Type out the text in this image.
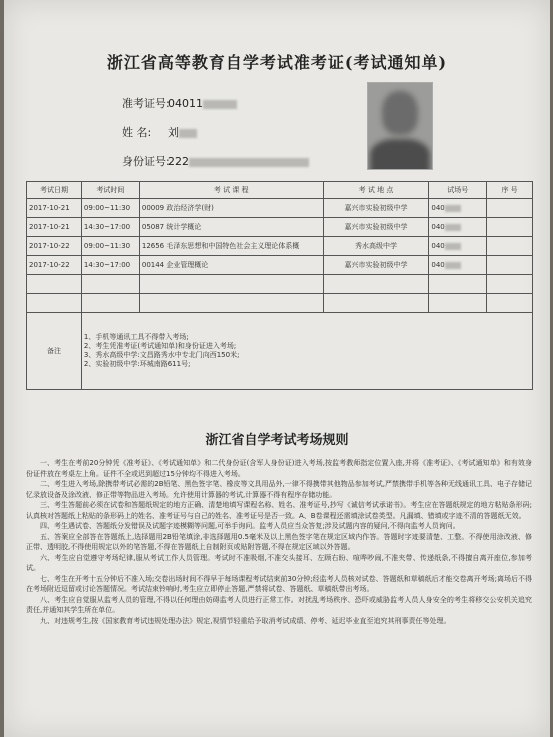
浙江省高等教育自学考试准考证(考试通知单)
准考证号:04011
姓 名: 刘
身份证号:222
考试日期	考试时间	考 试 课 程	考 试 地 点	试场号	序 号
2017-10-21	09:00~11:30	00009 政治经济学(财)	嘉兴市实验初级中学	040	
2017-10-21	14:30~17:00	05087 统计学概论	嘉兴市实验初级中学	040	
2017-10-22	09:00~11:30	12656 毛泽东思想和中国特色社会主义理论体系概	秀水高级中学	040	
2017-10-22	14:30~17:00	00144 企业管理概论	嘉兴市实验初级中学	040	

备注	1、手机等通讯工具不得带入考场;
2、考生凭准考证(考试通知单)和身份证进入考场;
3、秀水高级中学:文昌路秀水中专北门向西150米;
2、实验初级中学:环城南路611号;				
浙江省自学考试考场规则

一、考生在考前20分钟凭《准考证》、《考试通知单》和二代身份证(含军人身份证)进入考场,按监考教师指定位置入座,并将《准考证》、《考试通知单》和有效身份证件放在考桌左上角。证件不全或迟到超过15分钟均不得进入考场。

二、考生进入考场,除携带考试必需的2B铅笔、黑色签字笔、橡皮等文具用品外,一律不得携带其他物品参加考试,严禁携带手机等各种无线通讯工具、电子存储记忆录放设备及涂改液、修正带等物品进入考场。允许使用计算器的考试,计算器不得有程序存储功能。

三、考生答题前必须在试卷和答题纸规定的地方正确、清楚地填写课程名称、姓名、准考证号,抄写《诚信考试承诺书》。考生应在答题纸规定的地方粘贴条形码;认真核对答题纸上粘贴的条形码上的姓名、准考证号与自己的姓名、准考证号是否一致。A、B卷课程还需填涂试卷类型。凡漏填、错填或字迹不清的答题纸无效。

四、考生遇试卷、答题纸分发错误及试题字迹模糊等问题,可举手询问。监考人员应当众答复;涉及试题内容的疑问,不得向监考人员询问。

五、答案应全部答在答题纸上,选择题用2B铅笔填涂,非选择题用0.5毫米及以上黑色签字笔在规定区域内作答。答题时字迹要清楚、工整。不得使用涂改液、修正带、透明胶,不得使用规定以外的笔答题,不得在答题纸上自制附页或贴附答题,不得在规定区域以外答题。

六、考生应自觉遵守考场纪律,服从考试工作人员管理。考试时不准吸烟,不准交头接耳、左顾右盼、喧哗吵闹,不准夹带、传递纸条,不得擅自离开座位,参加考试。

七、考生在开考十五分钟后不准入场;交卷出场时间不得早于每场课程考试结束前30分钟;经监考人员核对试卷、答题纸和草稿纸后才能交卷离开考场;离场后不得在考场附近逗留或讨论答题情况。考试结束铃响时,考生应立即停止答题,严禁将试卷、答题纸、草稿纸带出考场。

八、考生应自觉服从监考人员的管理,不得以任何理由妨碍监考人员进行正常工作。对扰乱考场秩序、恐吓或威胁监考人员人身安全的考生将移交公安机关追究责任,并通知其学生所在单位。

九、对违规考生,按《国家教育考试违规处理办法》规定,视情节轻重给予取消考试成绩、停考、延迟毕业直至追究其刑事责任等处理。
